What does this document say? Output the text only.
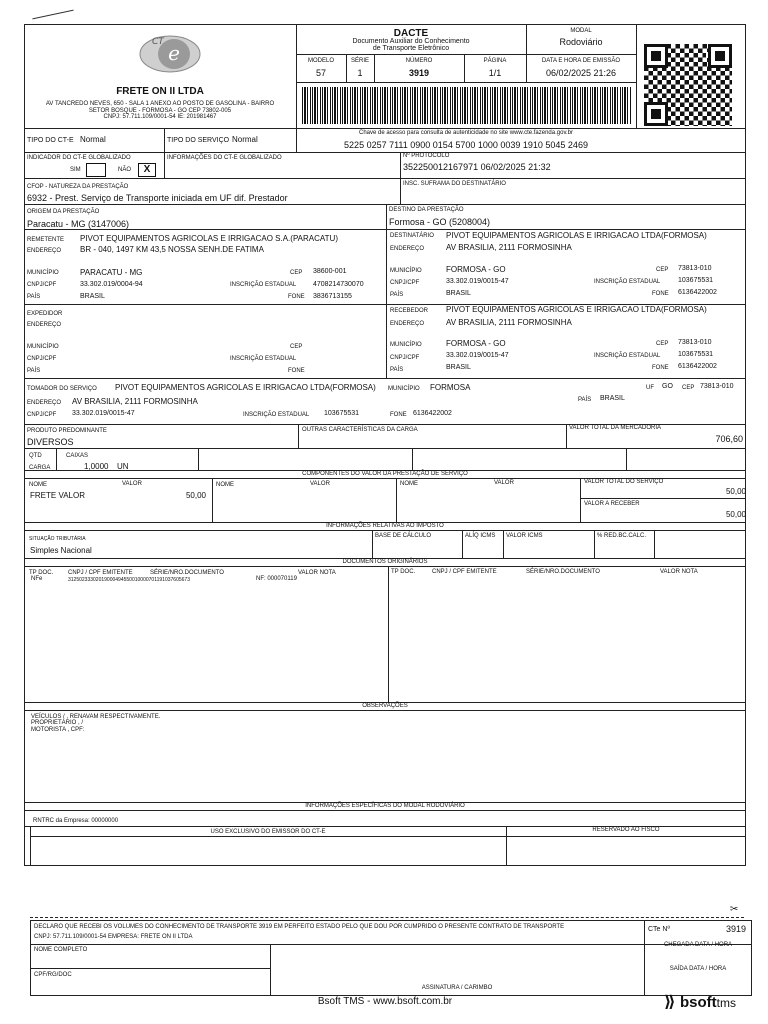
e
CT
FRETE ON II LTDA
AV TANCREDO NEVES, 650 - SALA 1 ANEXO AO POSTO DE GASOLINA - BAIRRO
SETOR BOSQUE - FORMOSA - GO CEP 73802-005
CNPJ: 57.711.109/0001-54 IE: 201981467
DACTE
Documento Auxiliar do Conhecimento
de Transporte Eletrônico
MODAL
Rodoviário
MODELO
57
SÉRIE
1
NÚMERO
3919
PÁGINA
1/1
DATA E HORA DE EMISSÃO
06/02/2025 21:26
Chave de acesso para consulta de autenticidade no site www.cte.fazenda.gov.br
5225 0257 7111 0900 0154 5700 1000 0039 1910 5045 2469
TIPO DO CT-E Normal	TIPO DO SERVIÇO Normal
INDICADOR DO CT-E GLOBALIZADO
SIM	NÃO	X
INFORMAÇÕES DO CT-E GLOBALIZADO	Nº PROTOCOLO
352250012167971 06/02/2025 21:32
CFOP - NATUREZA DA PRESTAÇÃO
6932 - Prest. Serviço de Transporte iniciada em UF dif. Prestador
INSC. SUFRAMA DO DESTINATÁRIO
ORIGEM DA PRESTAÇÃO
Paracatu - MG (3147006)
DESTINO DA PRESTAÇÃO
Formosa - GO (5208004)
REMETENTE PIVOT EQUIPAMENTOS AGRICOLAS E IRRIGACAO S.A.(PARACATU)
ENDEREÇO BR - 040, 1497 KM 43,5 NOSSA SENH.DE FATIMA
MUNICÍPIO	PARACATU - MG	CEP 38600-001
CNPJ/CPF	33.302.019/0004-94	INSCRIÇÃO ESTADUAL 4708214730070
PAÍS	BRASIL	FONE 3836713155
DESTINATÁRIO PIVOT EQUIPAMENTOS AGRICOLAS E IRRIGACAO LTDA(FORMOSA)
ENDEREÇO	AV BRASILIA, 2111 FORMOSINHA
MUNICÍPIO	FORMOSA - GO	CEP 73813-010
CNPJ/CPF	33.302.019/0015-47	INSCRIÇÃO ESTADUAL	103675531
PAÍS	BRASIL	FONE 6136422002
EXPEDIDOR
ENDEREÇO
MUNICÍPIO	CEP
CNPJ/CPF	INSCRIÇÃO ESTADUAL
PAÍS	FONE
RECEBEDOR PIVOT EQUIPAMENTOS AGRICOLAS E IRRIGACAO LTDA(FORMOSA)
ENDEREÇO	AV BRASILIA, 2111 FORMOSINHA
MUNICÍPIO	FORMOSA - GO	CEP 73813-010
CNPJ/CPF	33.302.019/0015-47	INSCRIÇÃO ESTADUAL	103675531
PAÍS	BRASIL	FONE 6136422002
TOMADOR DO SERVIÇO PIVOT EQUIPAMENTOS AGRICOLAS E IRRIGACAO LTDA(FORMOSA) MUNICÍPIO FORMOSA	UF GO CEP 73813-010
ENDEREÇO AV BRASILIA, 2111 FORMOSINHA	PAÍS BRASIL
CNPJ/CPF 33.302.019/0015-47	INSCRIÇÃO ESTADUAL 103675531	FONE 6136422002
PRODUTO PREDOMINANTE
DIVERSOS
OUTRAS CARACTERÍSTICAS DA CARGA	VALOR TOTAL DA MERCADORIA
706,60
QTD	CAIXAS
CARGA	1,0000 UN
COMPONENTES DO VALOR DA PRESTAÇÃO DE SERVIÇO
NOME	VALOR
FRETE VALOR	50,00
NOME	VALOR	NOME	VALOR	VALOR TOTAL DO SERVIÇO
50,00
VALOR A RECEBER
50,00
INFORMAÇÕES RELATIVAS AO IMPOSTO
SITUAÇÃO TRIBUTÁRIA
Simples Nacional
BASE DE CÁLCULO	ALÍQ ICMS VALOR ICMS	% RED.BC.CALC.
DOCUMENTOS ORIGINÁRIOS
TP DOC. CNPJ / CPF EMITENTE	SÉRIE/NRO.DOCUMENTO	VALOR NOTA
NFe	31250233302019000494550010000701191037605673	NF: 000070119
TP DOC.	CNPJ / CPF EMITENTE	SÉRIE/NRO.DOCUMENTO	VALOR NOTA
OBSERVAÇÕES
VEÍCULOS / , RENAVAM RESPECTIVAMENTE.
PROPRIETÁRIO , /
MOTORISTA , CPF:
INFORMAÇÕES ESPECÍFICAS DO MODAL RODOVIÁRIO
RNTRC da Empresa: 00000000
USO EXCLUSIVO DO EMISSOR DO CT-E	RESERVADO AO FISCO
✂
DECLARO QUE RECEBI OS VOLUMES DO CONHECIMENTO DE TRANSPORTE 3919 EM PERFEITO ESTADO PELO QUE DOU POR CUMPRIDO O PRESENTE CONTRATO DE TRANSPORTE
CNPJ: 57.711.109/0001-54 EMPRESA: FRETE ON II LTDA
CTe Nº	3919
NOME COMPLETO
CHEGADA DATA / HORA
CPF/RG/DOC
SAÍDA DATA / HORA
ASSINATURA / CARIMBO
Bsoft TMS - www.bsoft.com.br	⟫ bsofttms
